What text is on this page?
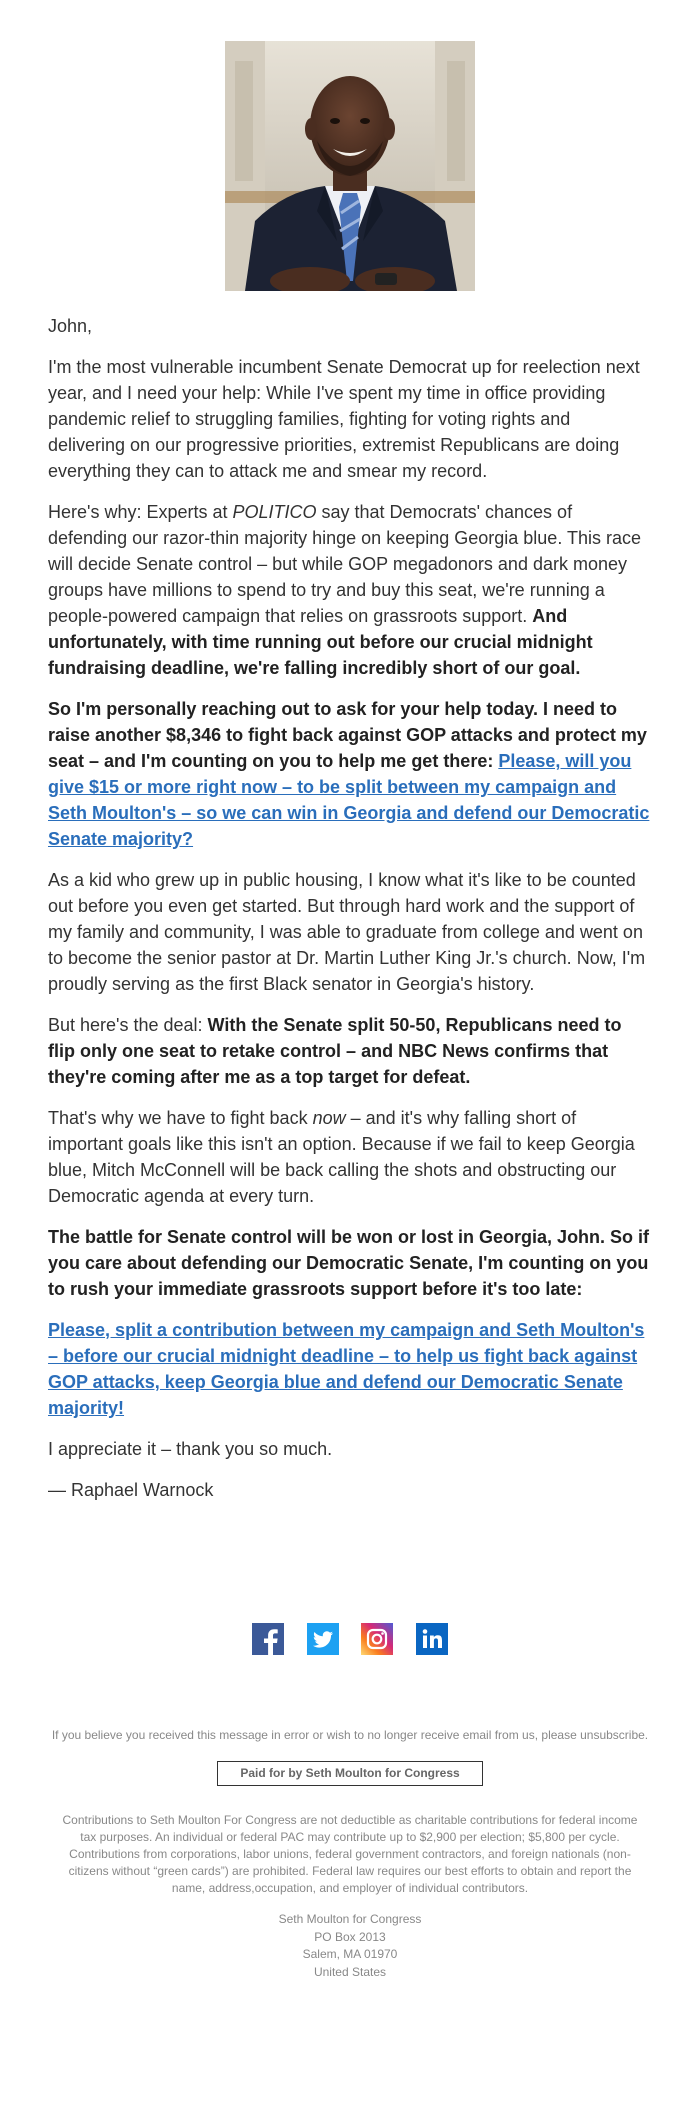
John,

I'm the most vulnerable incumbent Senate Democrat up for reelection next year, and I need your help: While I've spent my time in office providing pandemic relief to struggling families, fighting for voting rights and delivering on our progressive priorities, extremist Republicans are doing everything they can to attack me and smear my record.

Here's why: Experts at POLITICO say that Democrats' chances of defending our razor-thin majority hinge on keeping Georgia blue. This race will decide Senate control – but while GOP megadonors and dark money groups have millions to spend to try and buy this seat, we're running a people-powered campaign that relies on grassroots support. And unfortunately, with time running out before our crucial midnight fundraising deadline, we're falling incredibly short of our goal.

So I'm personally reaching out to ask for your help today. I need to raise another $8,346 to fight back against GOP attacks and protect my seat – and I'm counting on you to help me get there: Please, will you give $15 or more right now – to be split between my campaign and Seth Moulton's – so we can win in Georgia and defend our Democratic Senate majority?

As a kid who grew up in public housing, I know what it's like to be counted out before you even get started. But through hard work and the support of my family and community, I was able to graduate from college and went on to become the senior pastor at Dr. Martin Luther King Jr.'s church. Now, I'm proudly serving as the first Black senator in Georgia's history.

But here's the deal: With the Senate split 50-50, Republicans need to flip only one seat to retake control – and NBC News confirms that they're coming after me as a top target for defeat.

That's why we have to fight back now – and it's why falling short of important goals like this isn't an option. Because if we fail to keep Georgia blue, Mitch McConnell will be back calling the shots and obstructing our Democratic agenda at every turn.

The battle for Senate control will be won or lost in Georgia, John. So if you care about defending our Democratic Senate, I'm counting on you to rush your immediate grassroots support before it's too late:

Please, split a contribution between my campaign and Seth Moulton's – before our crucial midnight deadline – to help us fight back against GOP attacks, keep Georgia blue and defend our Democratic Senate majority!

I appreciate it – thank you so much.

— Raphael Warnock

If you believe you received this message in error or wish to no longer receive email from us, please unsubscribe.
Paid for by Seth Moulton for Congress
Contributions to Seth Moulton For Congress are not deductible as charitable contributions for federal income tax purposes. An individual or federal PAC may contribute up to $2,900 per election; $5,800 per cycle. Contributions from corporations, labor unions, federal government contractors, and foreign nationals (non-citizens without “green cards”) are prohibited. Federal law requires our best efforts to obtain and report the name, address,occupation, and employer of individual contributors.
Seth Moulton for Congress
PO Box 2013
Salem, MA 01970
United States
